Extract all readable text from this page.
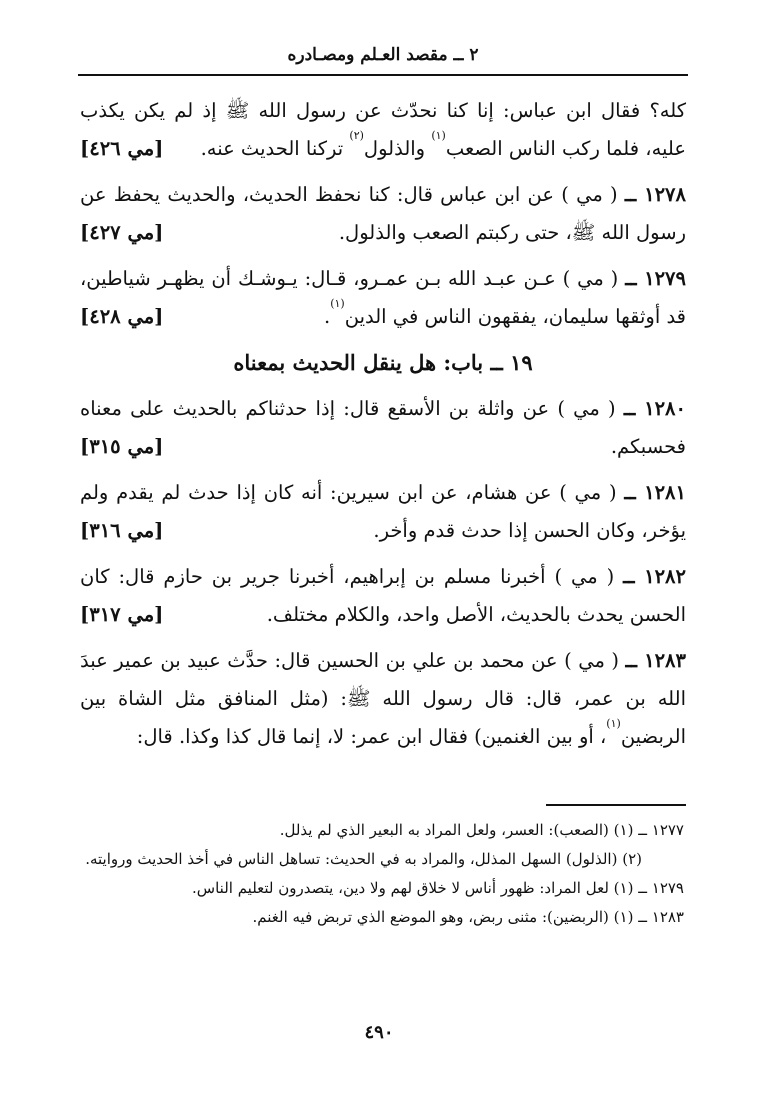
٢ ــ مقصد العـلم ومصـادره

كله؟ فقال ابن عباس: إنا كنا نحدّث عن رسول الله ﷺ إذ لم يكن يكذب عليه، فلما ركب الناس الصعب$^{(١)}$ والذلول$^{(٢)}$ تركنا الحديث عنه.
[مي ٤٢٦]

١٢٧٨ ــ ( مي ) عن ابن عباس قال: كنا نحفظ الحديث، والحديث يحفظ عن رسول الله ﷺ، حتى ركبتم الصعب والذلول.
[مي ٤٢٧]

١٢٧٩ ــ ( مي ) عـن عبـد الله بـن عمـرو، قـال: يـوشـك أن يظهـر شياطين، قد أوثقها سليمان، يفقهون الناس في الدين$^{(١)}$.
[مي ٤٢٨]

١٩ ــ باب: هل ينقل الحديث بمعناه

١٢٨٠ ــ ( مي ) عن واثلة بن الأسقع قال: إذا حدثناكم بالحديث على معناه فحسبكم.
[مي ٣١٥]

١٢٨١ ــ ( مي ) عن هشام، عن ابن سيرين: أنه كان إذا حدث لم يقدم ولم يؤخر، وكان الحسن إذا حدث قدم وأخر.
[مي ٣١٦]

١٢٨٢ ــ ( مي ) أخبرنا مسلم بن إبراهيم، أخبرنا جرير بن حازم قال: كان الحسن يحدث بالحديث، الأصل واحد، والكلام مختلف.
[مي ٣١٧]

١٢٨٣ ــ ( مي ) عن محمد بن علي بن الحسين قال: حدَّث عبيد بن عمير عبدَ الله بن عمر، قال: قال رسول الله ﷺ: (مثل المنافق مثل الشاة بين الربضين$^{(١)}$، أو بين الغنمين) فقال ابن عمر: لا، إنما قال كذا وكذا. قال:

١٢٧٧ ــ (١) (الصعب): العسر، ولعل المراد به البعير الذي لم يذلل.

(٢) (الذلول) السهل المذلل، والمراد به في الحديث: تساهل الناس في أخذ الحديث وروايته.

١٢٧٩ ــ (١) لعل المراد: ظهور أناس لا خلاق لهم ولا دين، يتصدرون لتعليم الناس.

١٢٨٣ ــ (١) (الربضين): مثنى ربض، وهو الموضع الذي تربض فيه الغنم.

٤٩٠
